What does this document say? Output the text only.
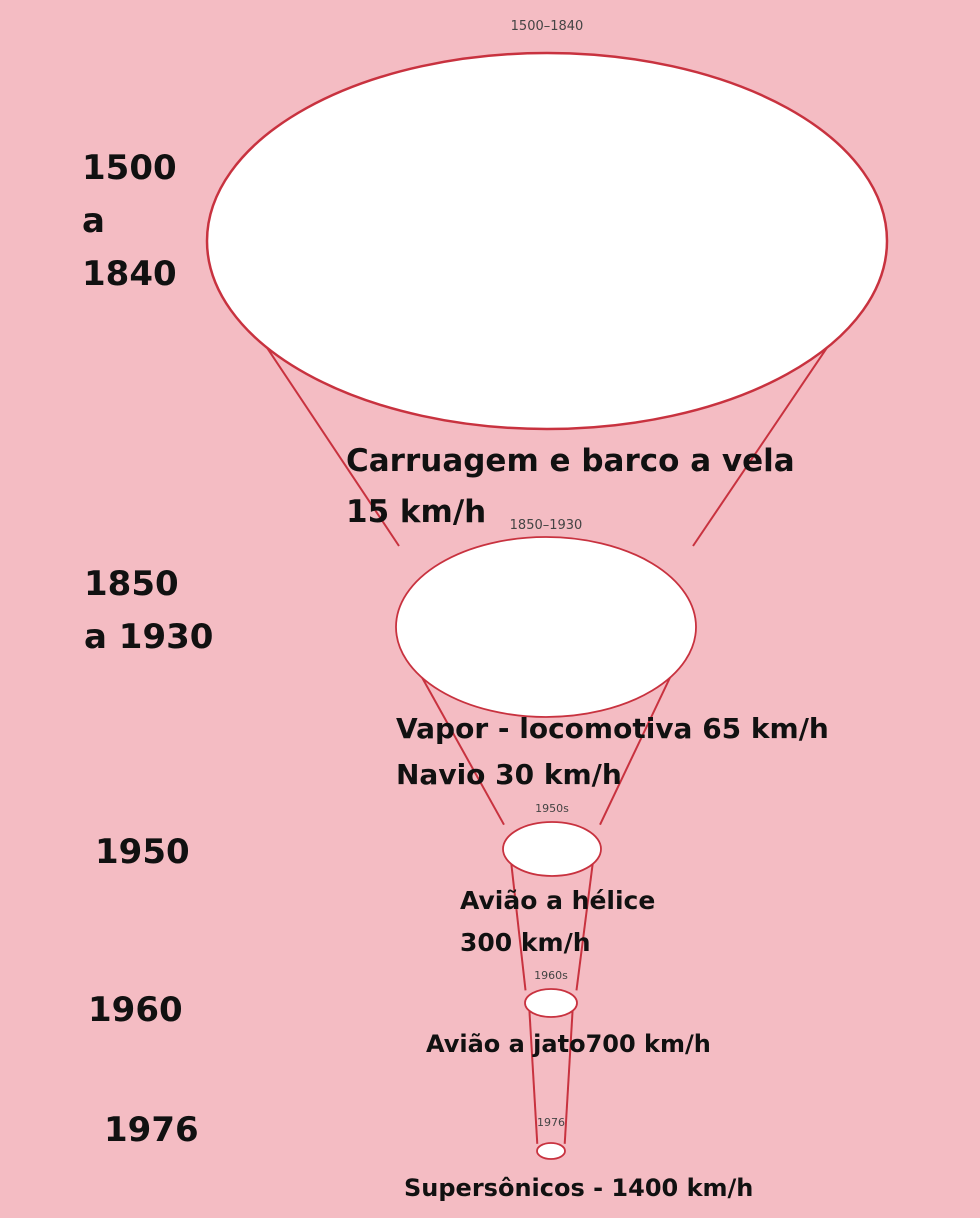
1500–1840
1850–1930
1950s
1960s
1976
1500
a
1840
1850
a 1930
1950
1960
1976
Carruagem e barco a vela
15 km/h
Vapor - locomotiva 65 km/h
Navio 30 km/h
Avião a hélice
300 km/h
Avião a jato700 km/h
Supersônicos - 1400 km/h
